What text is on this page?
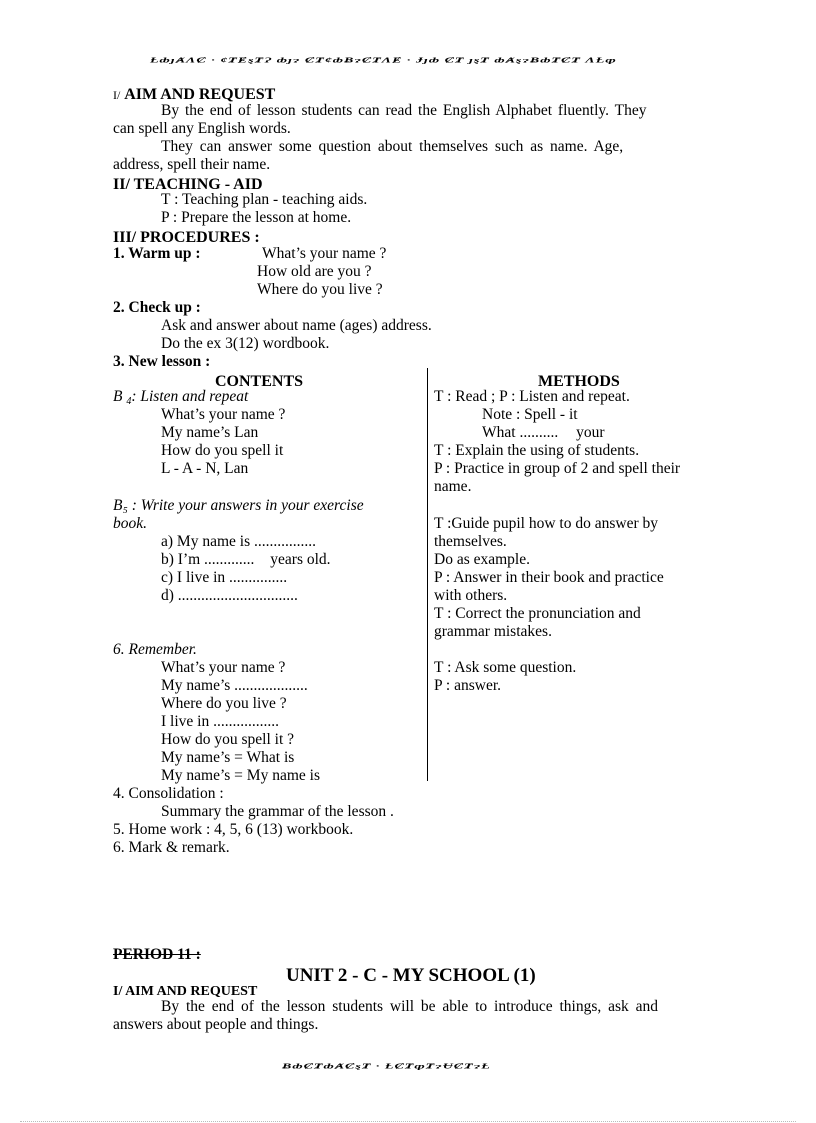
ȽȸȷȺɅȻ · ȼȾɆȿȾɁ ȸȷɂ ȻȾȼȸɃɂȻȾɅɆ · Ɉȷȸ ȻȾ ȷȿȾ ȸȺȿɂɃȸȾȻȾ ɅȽȹ
I/ AIM AND REQUEST
By the end of lesson students can read the English Alphabet fluently. They
can spell any English words.
They can answer some question about themselves such as name. Age,
address, spell their name.
II/ TEACHING - AID
T : Teaching plan - teaching aids.
P : Prepare the lesson at home.
III/ PROCEDURES :
1. Warm up :	What’s your name ?
How old are you ?
Where do you live ?
2. Check up :
Ask and answer about name (ages) address.
Do the ex 3(12) wordbook.
3. New lesson :
CONTENTS	METHODS
B 4: Listen and repeat
What’s your name ?
My name’s Lan
How do you spell it
L - A - N, Lan
B₅ : Write your answers in your exercise
book.
a) My name is ................
b) I’m ............. years old.
c) I live in ...............
d) ...............................
6. Remember.
What’s your name ?
My name’s ...................
Where do you live ?
I live in .................
How do you spell it ?
My name’s = What is
My name’s = My name is
T : Read ; P : Listen and repeat.
Note : Spell - it
What .......... your
T : Explain the using of students.
P : Practice in group of 2 and spell their
name.
T :Guide pupil how to do answer by
themselves.
Do as example.
P : Answer in their book and practice
with others.
T : Correct the pronunciation and
grammar mistakes.
T : Ask some question.
P : answer.
4. Consolidation :
Summary the grammar of the lesson .
5. Home work : 4, 5, 6 (13) workbook.
6. Mark & remark.
PERIOD 11 :
UNIT 2 - C - MY SCHOOL (1)
I/ AIM AND REQUEST
By the end of the lesson students will be able to introduce things, ask and
answers about people and things.
ɃȸȻȾȸȺȻȿȾ · ȽȻȾȹȾɂɄȻȾɂȽ
